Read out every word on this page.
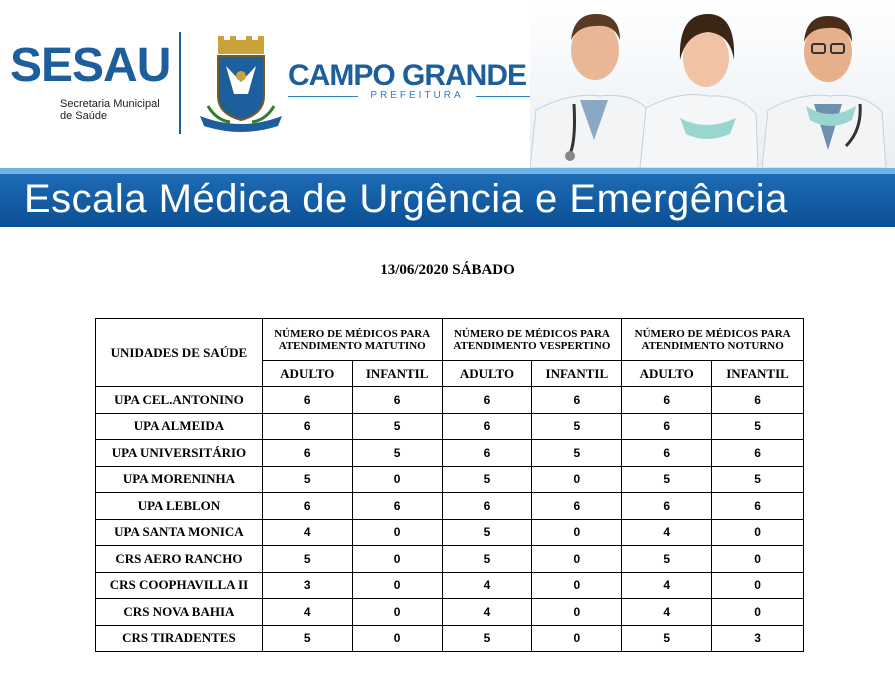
SESAU
Secretaria Municipal
de Saúde
CAMPO GRANDE
PREFEITURA
Escala Médica de Urgência e Emergência
13/06/2020 SÁBADO
UNIDADES DE SAÚDE	NÚMERO DE MÉDICOS PARA ATENDIMENTO MATUTINO		NÚMERO DE MÉDICOS PARA ATENDIMENTO VESPERTINO		NÚMERO DE MÉDICOS PARA ATENDIMENTO NOTURNO	
	ADULTO	INFANTIL	ADULTO	INFANTIL	ADULTO	INFANTIL
UPA CEL.ANTONINO	6	6	6	6	6	6
UPA ALMEIDA	6	5	6	5	6	5
UPA UNIVERSITÁRIO	6	5	6	5	6	6
UPA MORENINHA	5	0	5	0	5	5
UPA LEBLON	6	6	6	6	6	6
UPA SANTA MONICA	4	0	5	0	4	0
CRS AERO RANCHO	5	0	5	0	5	0
CRS COOPHAVILLA II	3	0	4	0	4	0
CRS NOVA BAHIA	4	0	4	0	4	0
CRS TIRADENTES	5	0	5	0	5	3
